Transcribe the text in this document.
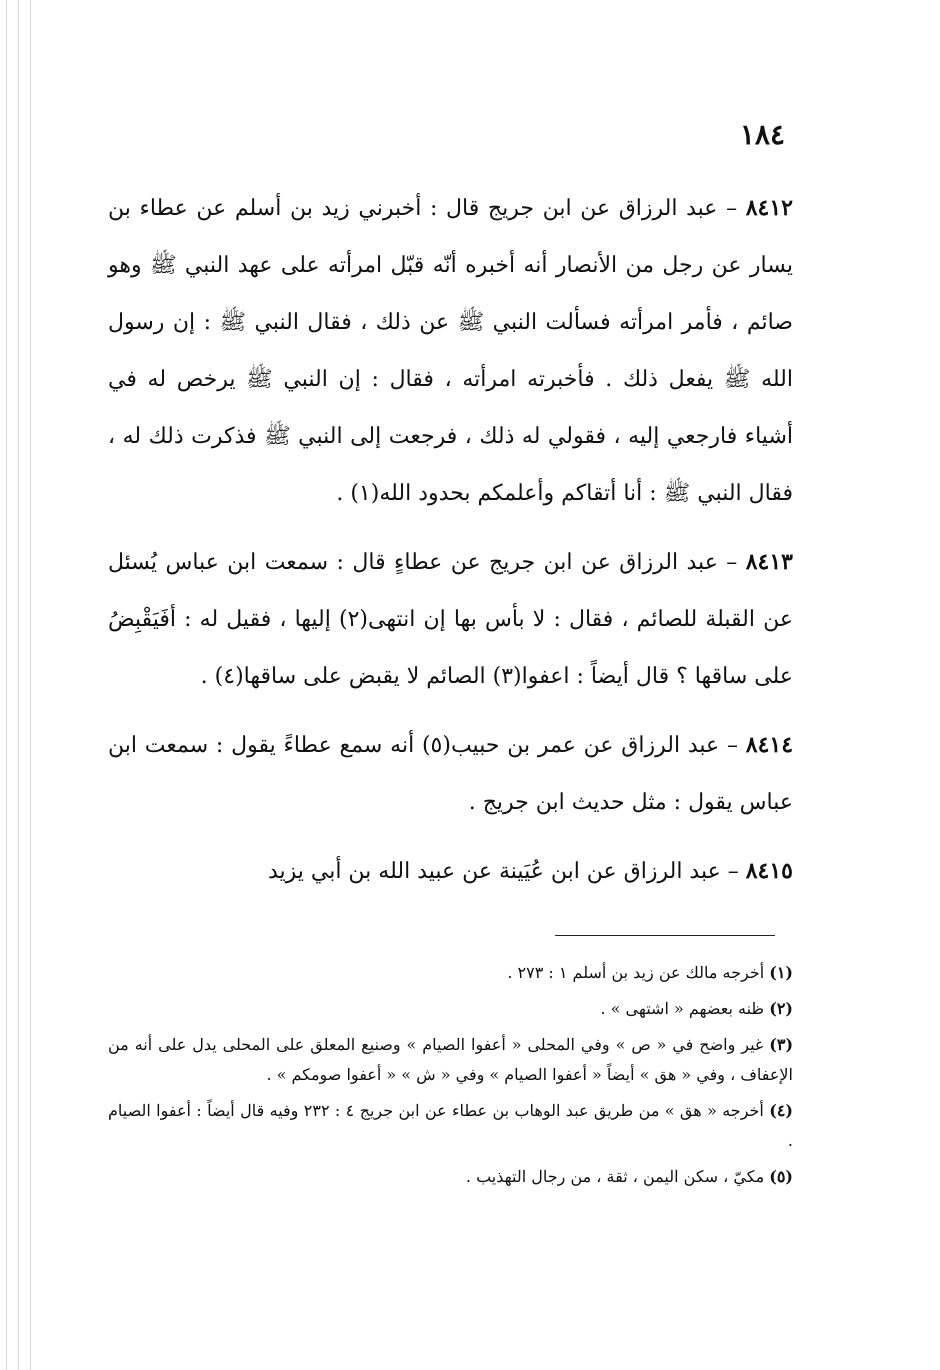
١٨٤

٨٤١٢ – عبد الرزاق عن ابن جريج قال : أخبرني زيد بن أسلم عن عطاء بن يسار عن رجل من الأنصار أنه أخبره أنّه قبّل امرأته على عهد النبي ﷺ وهو صائم ، فأمر امرأته فسألت النبي ﷺ عن ذلك ، فقال النبي ﷺ : إن رسول الله ﷺ يفعل ذلك . فأخبرته امرأته ، فقال : إن النبي ﷺ يرخص له في أشياء فارجعي إليه ، فقولي له ذلك ، فرجعت إلى النبي ﷺ فذكرت ذلك له ، فقال النبي ﷺ : أنا أتقاكم وأعلمكم بحدود الله(١) .

٨٤١٣ – عبد الرزاق عن ابن جريج عن عطاءٍ قال : سمعت ابن عباس يُسئل عن القبلة للصائم ، فقال : لا بأس بها إن انتهى(٢) إليها ، فقيل له : أفَيَقْبِضُ على ساقها ؟ قال أيضاً : اعفوا(٣) الصائم لا يقبض على ساقها(٤) .

٨٤١٤ – عبد الرزاق عن عمر بن حبيب(٥) أنه سمع عطاءً يقول : سمعت ابن عباس يقول : مثل حديث ابن جريج .

٨٤١٥ – عبد الرزاق عن ابن عُيَينة عن عبيد الله بن أبي يزيد

(١) أخرجه مالك عن زيد بن أسلم ١ : ٢٧٣ .

(٢) ظنه بعضهم « اشتهى » .

(٣) غير واضح في « ص » وفي المحلى « أعفوا الصيام » وصنيع المعلق على المحلى يدل على أنه من الإعفاف ، وفي « هق » أيضاً « أعفوا الصيام » وفي « ش » « أعفوا صومكم » .

(٤) أخرجه « هق » من طريق عبد الوهاب بن عطاء عن ابن جريج ٤ : ٢٣٢ وفيه قال أيضاً : أعفوا الصيام .

(٥) مكيّ ، سكن اليمن ، ثقة ، من رجال التهذيب .
